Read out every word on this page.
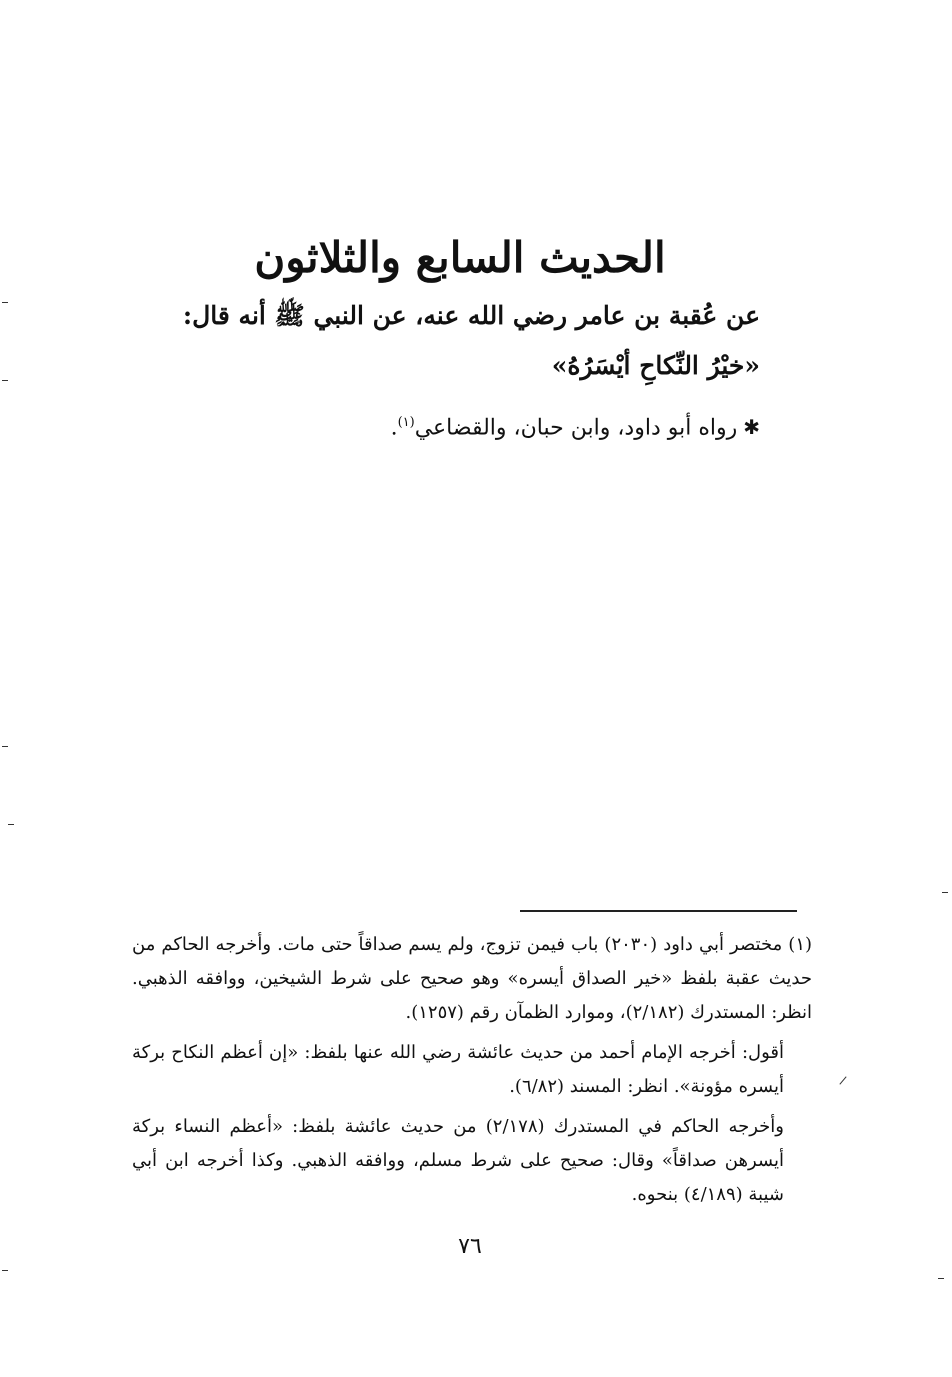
الحديث السابع والثلاثون
عن عُقبة بن عامر رضي الله عنه، عن النبي ﷺ أنه قال:
«خيْرُ النِّكاحِ أيْسَرُهُ»
✱رواه أبو داود، وابن حبان، والقضاعي$^{(١)}$.

(١) مختصر أبي داود (٢٠٣٠) باب فيمن تزوج، ولم يسم صداقاً حتى مات. وأخرجه الحاكم من حديث عقبة بلفظ «خير الصداق أيسره» وهو صحيح على شرط الشيخين، ووافقه الذهبي. انظر: المستدرك (٢/١٨٢)، وموارد الظمآن رقم (١٢٥٧).

أقول: أخرجه الإمام أحمد من حديث عائشة رضي الله عنها بلفظ: «إن أعظم النكاح بركة أيسره مؤونة». انظر: المسند (٦/٨٢).

وأخرجه الحاكم في المستدرك (٢/١٧٨) من حديث عائشة بلفظ: «أعظم النساء بركة أيسرهن صداقاً» وقال: صحيح على شرط مسلم، ووافقه الذهبي. وكذا أخرجه ابن أبي شيبة (٤/١٨٩) بنحوه.

٧٦
